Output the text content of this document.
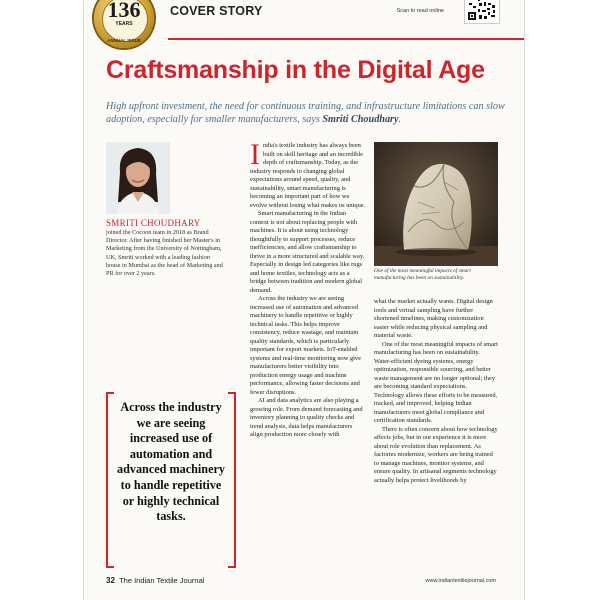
COVER STORY	Scan to read online
136
YEARS
ANNUAL ISSUE
Craftsmanship in the Digital Age
High upfront investment, the need for continuous training, and infrastructure limitations can slow adoption, especially for smaller manufacturers, says Smriti Choudhary.
SMRITI CHOUDHARY
joined the Cocoon team in 2018 as Brand Director. After having finished her Master's in Marketing from the University of Nottingham, UK, Smriti worked with a leading fashion house in Mumbai as the head of Marketing and PR for over 2 years.

India's textile industry has always been built on skill heritage and an incredible depth of craftsmanship. Today, as the industry responds to changing global expectations around speed, quality, and sustainability, smart manufacturing is becoming an important part of how we evolve without losing what makes us unique.

Smart manufacturing in the Indian context is not about replacing people with machines. It is about using technology thoughtfully to support processes, reduce inefficiencies, and allow craftsmanship to thrive in a more structured and scalable way. Especially in design led categories like rugs and home textiles, technology acts as a bridge between tradition and modern global demand.

Across the industry we are seeing increased use of automation and advanced machinery to handle repetitive or highly technical tasks. This helps improve consistency, reduce wastage, and maintain quality standards, which is particularly important for export markets. IoT-enabled systems and real-time monitoring now give manufacturers better visibility into production energy usage and machine performance, allowing faster decisions and fewer disruptions.

AI and data analytics are also playing a growing role. From demand forecasting and inventory planning to quality checks and trend analysis, data helps manufacturers align production more closely with

One of the most meaningful impacts of smart manufacturing has been on sustainability.

what the market actually wants. Digital design tools and virtual sampling have further shortened timelines, making customization easier while reducing physical sampling and material waste.

One of the most meaningful impacts of smart manufacturing has been on sustainability. Water-efficient dyeing systems, energy optimization, responsible sourcing, and better waste management are no longer optional; they are becoming standard expectations. Technology allows these efforts to be measured, tracked, and improved, helping Indian manufacturers meet global compliance and certification standards.

There is often concern about how technology affects jobs, but in our experience it is more about role evolution than replacement. As factories modernize, workers are being trained to manage machines, monitor systems, and ensure quality. In artisanal segments technology actually helps protect livelihoods by

Across the industry we are seeing increased use of automation and advanced machinery to handle repetitive or highly technical tasks.
32 The Indian Textile Journal	www.indiantextilejournal.com
